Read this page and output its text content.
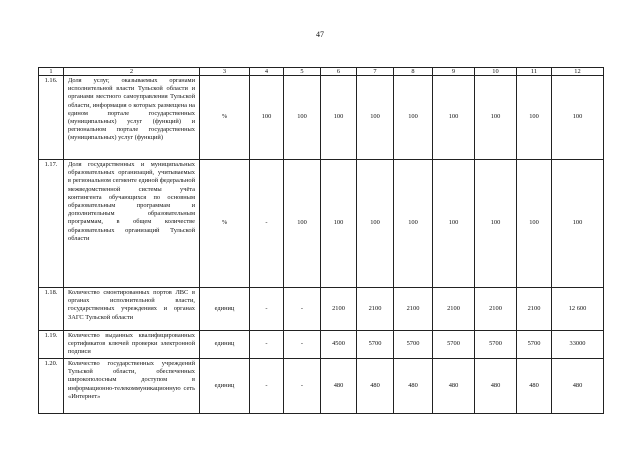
47
1	2	3	4	5	6	7	8	9	10	11	12
1.16.	Доля услуг, оказываемых органами исполнительной власти Тульской области и органами местного самоуправления Тульской области, информация о которых размещена на едином портале государственных (муниципальных) услуг (функций) и региональном портале государственных (муниципальных) услуг (функций)	%	100	100	100	100	100	100	100	100	100
1.17.	Доля государственных и муниципальных образовательных организаций, учитываемых в региональном сегменте единой федеральной межведомственной системы учёта контингента обучающихся по основным образовательным программам и дополнительным образовательным программам, в общем количестве образовательных организаций Тульской области	%	-	100	100	100	100	100	100	100	100
1.18.	Количество смонтированных портов ЛВС в органах исполнительной власти, государственных учреждениях и органах ЗАГС Тульской области	единиц	-	-	2100	2100	2100	2100	2100	2100	12 600
1.19.	Количество выданных квалифицированных сертификатов ключей проверки электронной подписи	единиц	-	-	4500	5700	5700	5700	5700	5700	33000
1.20.	Количество государственных учреждений Тульской области, обеспеченных широкополосным доступом в информационно-телекоммуникационную сеть «Интернет»	единиц	-	-	480	480	480	480	480	480	480
